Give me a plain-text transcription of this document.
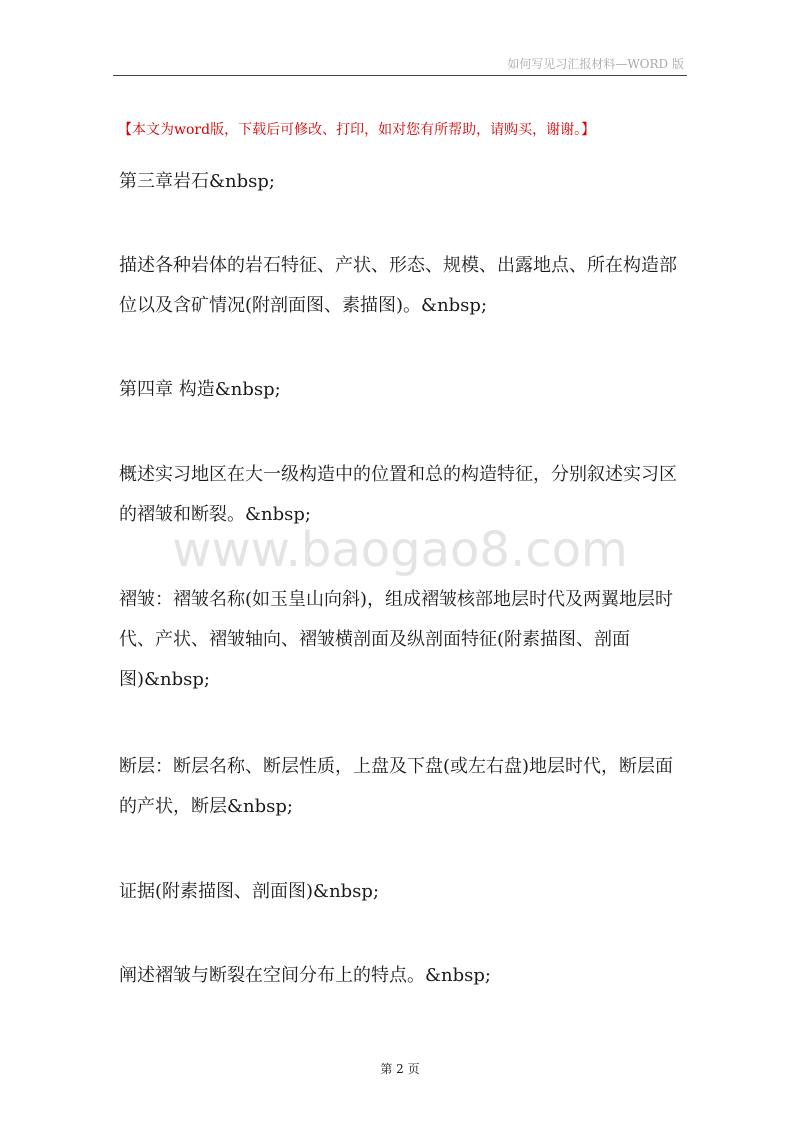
如何写见习汇报材料—WORD 版
www.baogao8.com
【本文为word版，下载后可修改、打印，如对您有所帮助，请购买，谢谢。】

第三章岩石&nbsp;

描述各种岩体的岩石特征、产状、形态、规模、出露地点、所在构造部位以及含矿情况(附剖面图、素描图)。&nbsp;

第四章 构造&nbsp;

概述实习地区在大一级构造中的位置和总的构造特征，分别叙述实习区的褶皱和断裂。&nbsp;

褶皱：褶皱名称(如玉皇山向斜)，组成褶皱核部地层时代及两翼地层时代、产状、褶皱轴向、褶皱横剖面及纵剖面特征(附素描图、剖面图)&nbsp;

断层：断层名称、断层性质，上盘及下盘(或左右盘)地层时代，断层面的产状，断层&nbsp;

证据(附素描图、剖面图)&nbsp;

阐述褶皱与断裂在空间分布上的特点。&nbsp;

第 2 页
